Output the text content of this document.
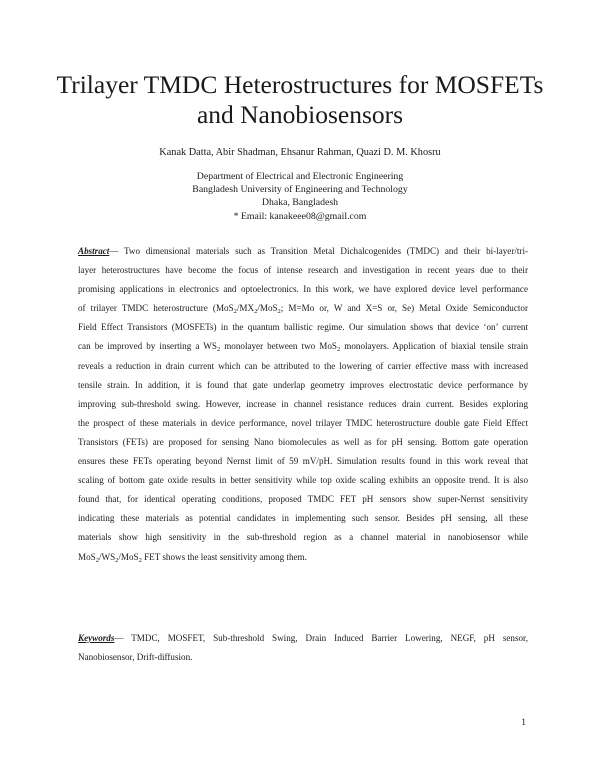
Trilayer TMDC Heterostructures for MOSFETs
and Nanobiosensors
Kanak Datta, Abir Shadman, Ehsanur Rahman, Quazi D. M. Khosru
Department of Electrical and Electronic Engineering
Bangladesh University of Engineering and Technology
Dhaka, Bangladesh
* Email: kanakeee08@gmail.com
Abstract— Two dimensional materials such as Transition Metal Dichalcogenides (TMDC) and their bi-layer/tri-
layer heterostructures have become the focus of intense research and investigation in recent years due to their
promising applications in electronics and optoelectronics. In this work, we have explored device level performance
of trilayer TMDC heterostructure ($MoS_2/MX_2/MoS_2$; M=Mo or, W and X=S or, Se) Metal Oxide Semiconductor
Field Effect Transistors (MOSFETs) in the quantum ballistic regime. Our simulation shows that device ‘on’ current
can be improved by inserting a $WS_2$ monolayer between two MoS$_2$ monolayers. Application of biaxial tensile strain
reveals a reduction in drain current which can be attributed to the lowering of carrier effective mass with increased
tensile strain. In addition, it is found that gate underlap geometry improves electrostatic device performance by
improving sub-threshold swing. However, increase in channel resistance reduces drain current. Besides exploring
the prospect of these materials in device performance, novel trilayer TMDC heterostructure double gate Field Effect
Transistors (FETs) are proposed for sensing Nano biomolecules as well as for pH sensing. Bottom gate operation
ensures these FETs operating beyond Nernst limit of 59 mV/pH. Simulation results found in this work reveal that
scaling of bottom gate oxide results in better sensitivity while top oxide scaling exhibits an opposite trend. It is also
found that, for identical operating conditions, proposed TMDC FET pH sensors show super-Nernst sensitivity
indicating these materials as potential candidates in implementing such sensor. Besides pH sensing, all these
materials show high sensitivity in the sub-threshold region as a channel material in nanobiosensor while
$MoS_2/WS_2/MoS_2$ FET shows the least sensitivity among them.
Keywords— TMDC, MOSFET, Sub-threshold Swing, Drain Induced Barrier Lowering, NEGF, pH sensor,
Nanobiosensor, Drift-diffusion.
1
